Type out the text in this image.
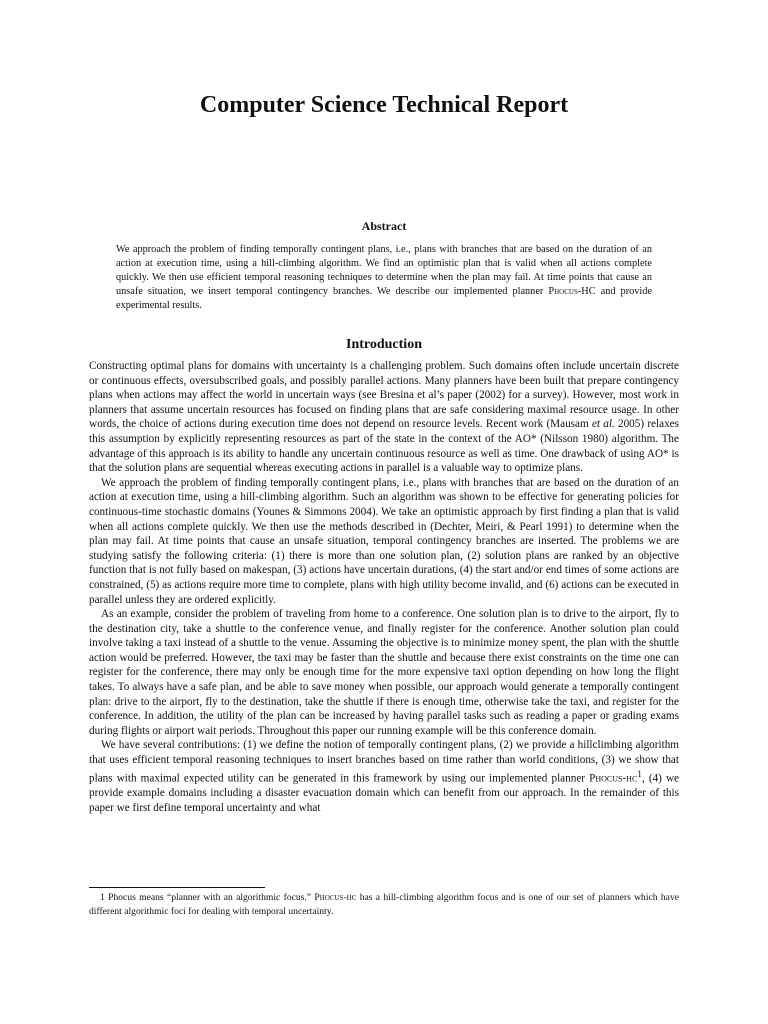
Computer Science Technical Report
Abstract

We approach the problem of finding temporally contingent plans, i.e., plans with branches that are based on the duration of an action at execution time, using a hill-climbing algorithm. We find an optimistic plan that is valid when all actions complete quickly. We then use efficient temporal reasoning techniques to determine when the plan may fail. At time points that cause an unsafe situation, we insert temporal contingency branches. We describe our implemented planner Phocus-HC and provide experimental results.

Introduction

Constructing optimal plans for domains with uncertainty is a challenging problem. Such domains often include uncertain discrete or continuous effects, oversubscribed goals, and possibly parallel actions. Many planners have been built that prepare contingency plans when actions may affect the world in uncertain ways (see Bresina et al’s paper (2002) for a survey). However, most work in planners that assume uncertain resources has focused on finding plans that are safe considering maximal resource usage. In other words, the choice of actions during execution time does not depend on resource levels. Recent work (Mausam et al. 2005) relaxes this assumption by explicitly representing resources as part of the state in the context of the AO* (Nilsson 1980) algorithm. The advantage of this approach is its ability to handle any uncertain continuous resource as well as time. One drawback of using AO* is that the solution plans are sequential whereas executing actions in parallel is a valuable way to optimize plans.

We approach the problem of finding temporally contingent plans, i.e., plans with branches that are based on the duration of an action at execution time, using a hill-climbing algorithm. Such an algorithm was shown to be effective for generating policies for continuous-time stochastic domains (Younes & Simmons 2004). We take an optimistic approach by first finding a plan that is valid when all actions complete quickly. We then use the methods described in (Dechter, Meiri, & Pearl 1991) to determine when the plan may fail. At time points that cause an unsafe situation, temporal contingency branches are inserted. The problems we are studying satisfy the following criteria: (1) there is more than one solution plan, (2) solution plans are ranked by an objective function that is not fully based on makespan, (3) actions have uncertain durations, (4) the start and/or end times of some actions are constrained, (5) as actions require more time to complete, plans with high utility become invalid, and (6) actions can be executed in parallel unless they are ordered explicitly.

As an example, consider the problem of traveling from home to a conference. One solution plan is to drive to the airport, fly to the destination city, take a shuttle to the conference venue, and finally register for the conference. Another solution plan could involve taking a taxi instead of a shuttle to the venue. Assuming the objective is to minimize money spent, the plan with the shuttle action would be preferred. However, the taxi may be faster than the shuttle and because there exist constraints on the time one can register for the conference, there may only be enough time for the more expensive taxi option depending on how long the flight takes. To always have a safe plan, and be able to save money when possible, our approach would generate a temporally contingent plan: drive to the airport, fly to the destination, take the shuttle if there is enough time, otherwise take the taxi, and register for the conference. In addition, the utility of the plan can be increased by having parallel tasks such as reading a paper or grading exams during flights or airport wait periods. Throughout this paper our running example will be this conference domain.

We have several contributions: (1) we define the notion of temporally contingent plans, (2) we provide a hillclimbing algorithm that uses efficient temporal reasoning techniques to insert branches based on time rather than world conditions, (3) we show that plans with maximal expected utility can be generated in this framework by using our implemented planner Phocus-$hc^1$, (4) we provide example domains including a disaster evacuation domain which can benefit from our approach. In the remainder of this paper we first define temporal uncertainty and what

1 Phocus means “planner with an algorithmic focus.” Phocus-hc has a hill-climbing algorithm focus and is one of our set of planners which have different algorithmic foci for dealing with temporal uncertainty.
